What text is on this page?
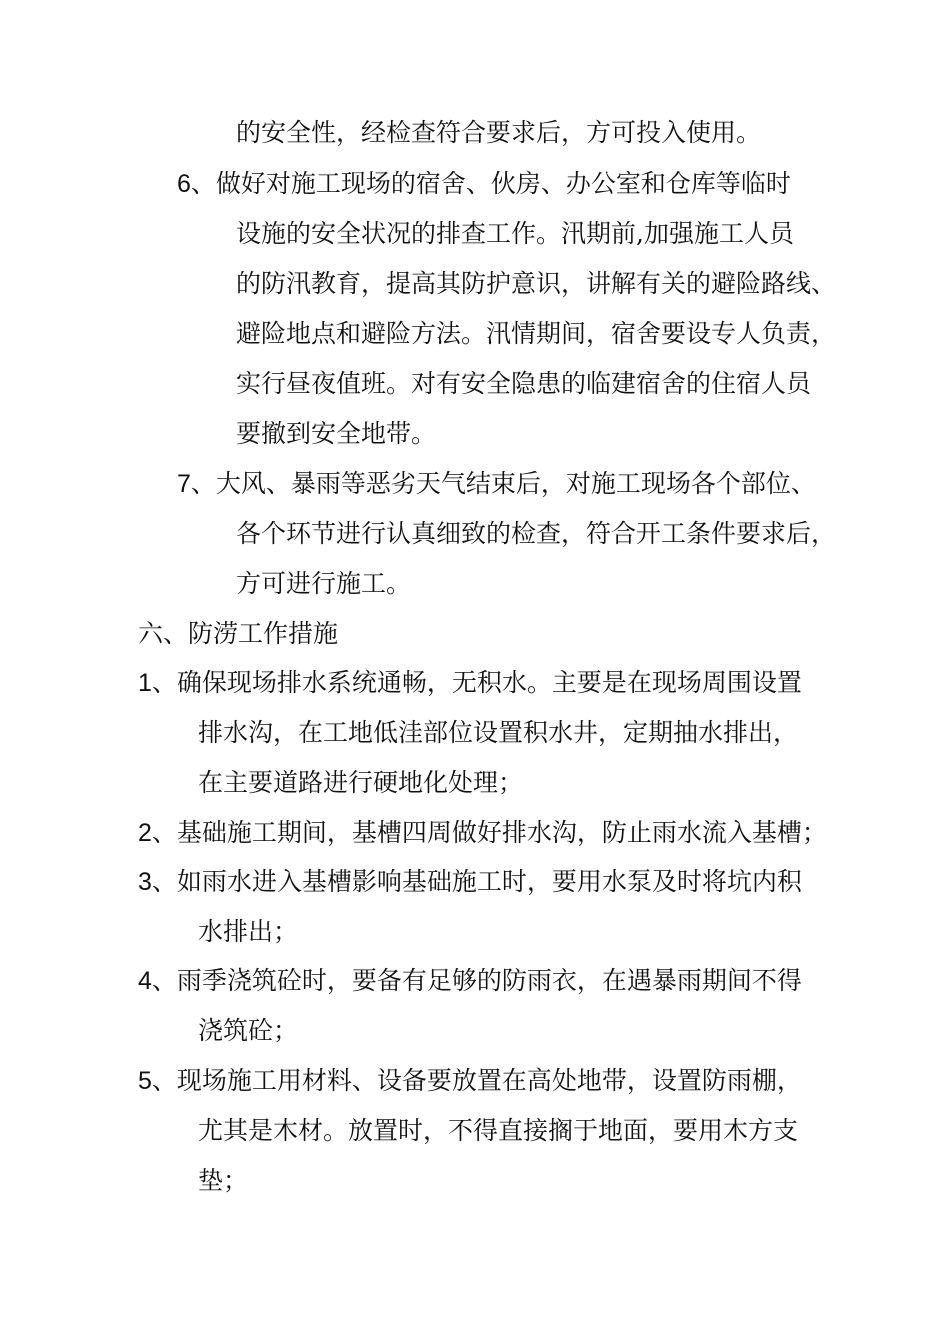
的安全性，经检查符合要求后，方可投入使用。
6、做好对施工现场的宿舍、伙房、办公室和仓库等临时
设施的安全状况的排查工作。汛期前,加强施工人员
的防汛教育，提高其防护意识，讲解有关的避险路线、
避险地点和避险方法。汛情期间，宿舍要设专人负责，
实行昼夜值班。对有安全隐患的临建宿舍的住宿人员
要撤到安全地带。
7、大风、暴雨等恶劣天气结束后，对施工现场各个部位、
各个环节进行认真细致的检查，符合开工条件要求后，
方可进行施工。
六、防涝工作措施
1、确保现场排水系统通畅，无积水。主要是在现场周围设置
排水沟，在工地低洼部位设置积水井，定期抽水排出，
在主要道路进行硬地化处理；
2、基础施工期间，基槽四周做好排水沟，防止雨水流入基槽；
3、如雨水进入基槽影响基础施工时，要用水泵及时将坑内积
水排出；
4、雨季浇筑砼时，要备有足够的防雨衣，在遇暴雨期间不得
浇筑砼；
5、现场施工用材料、设备要放置在高处地带，设置防雨棚，
尤其是木材。放置时，不得直接搁于地面，要用木方支
垫；
